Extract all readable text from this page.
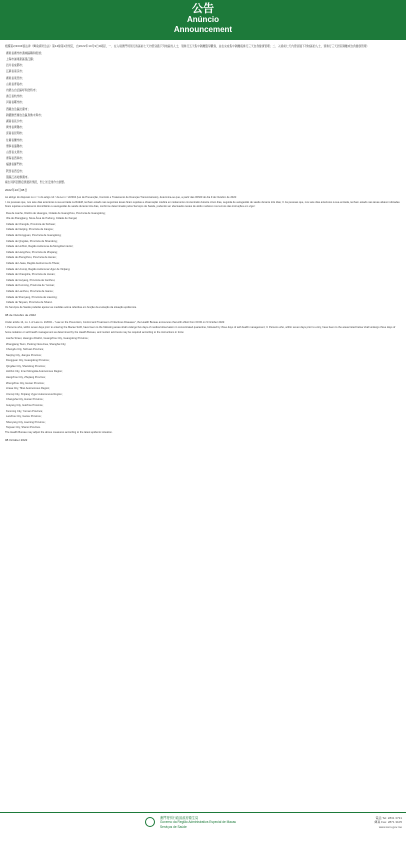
公告
Anúncio
Announcement
根據第2/2004號法律《傳染病防治法》第14條第1款規定，自2022年10月9日0時起，一、在入境澳門特別行政區前七天內曾到過下列地區的人士，須進行五天集中隔離醫學觀察，並在完成集中隔離後進行三天自我健康管理；二、入境前七天內曾到過下列地區的人士，須進行三天居家隔離或自我健康管理：
廣東省廣州市黃埔區聯和街道；
上海市浦東新區張江鎮；
四川省成都市；
江蘇省南京市；
廣東省東莞市；
山東省青島市；
內蒙古自治區呼和浩特市；
浙江省杭州市；
河南省鄭州市；
西藏自治區拉薩市；
新疆維吾爾自治區烏魯木齊市；
湖南省長沙市；
貴州省貴陽市；
雲南省昆明市；
甘肅省蘭州市；
遼寧省瀋陽市；
山西省太原市；
青海省西寧市；
福建省廈門市；
陝西省西安市；
黑龍江省哈爾濱市。
衛生局將因應疫情最新情況，對上述安排作出調整。
2022年10月08日
Ao abrigo do disposto no n.º 1 do artigo 14.º da Lei n.º 2/2004 (Lei de Prevenção, Controlo e Tratamento de Doenças Transmissíveis), determina-se que, a partir das 00h00 do dia 9 de Outubro de 2022:
I. As pessoas que, nos sete dias anteriores à sua entrada na RAEM, tenham estado nas seguintes áreas ficam sujeitas a observação médica em isolamento concentrado durante cinco dias, seguida de autogestão de saúde durante três dias; II. As pessoas que, nos sete dias anteriores à sua entrada, tenham estado nas áreas abaixo indicadas ficam sujeitas a isolamento domiciliário ou autogestão de saúde durante três dias, conforme determinado pelos Serviços de Saúde, podendo ser efectuados testes de ácido nucleico nos termos das instruções em vigor:
Rua de Lianhe, Distrito de Huangpu, Cidade de Guangzhou, Província de Guangdong;
Vila de Zhangjiang, Nova Área de Pudong, Cidade de Xangai;
Cidade de Chengdu, Província de Sichuan;
Cidade de Nanjing, Província de Jiangsu;
Cidade de Dongguan, Província de Guangdong;
Cidade de Qingdao, Província de Shandong;
Cidade de Hohhot, Região Autónoma da Mongólia Interior;
Cidade de Hangzhou, Província de Zhejiang;
Cidade de Zhengzhou, Província de Henan;
Cidade de Lhasa, Região Autónoma do Tibete;
Cidade de Urumqi, Região Autónoma Uigur de Xinjiang;
Cidade de Changsha, Província de Hunan;
Cidade de Guiyang, Província de Guizhou;
Cidade de Kunming, Província de Yunnan;
Cidade de Lanzhou, Província de Gansu;
Cidade de Shenyang, Província de Liaoning;
Cidade de Taiyuan, Província de Shanxi.
Os Serviços de Saúde poderão ajustar as medidas acima referidas em função da evolução da situação epidémica.
08 de Outubro de 2022
Under article 14, no. 1 of Law no. 2/2004 – "Law on the Prevention, Control and Treatment of Infectious Diseases", the Health Bureau announces that with effect from 00:00 on 9 October 2022:
I. Persons who, within seven days prior to entering the Macao SAR, have been to the following areas shall undergo five days of medical observation in concentrated quarantine, followed by three days of self-health management; II. Persons who, within seven days prior to entry, have been to the areas listed below shall undergo three days of home isolation or self-health management as determined by the Health Bureau, and nucleic acid tests may be required according to the instructions in force:
Lianhe Street, Huangpu District, Guangzhou City, Guangdong Province;
Zhangjiang Town, Pudong New Area, Shanghai City;
Chengdu City, Sichuan Province;
Nanjing City, Jiangsu Province;
Dongguan City, Guangdong Province;
Qingdao City, Shandong Province;
Hohhot City, Inner Mongolia Autonomous Region;
Hangzhou City, Zhejiang Province;
Zhengzhou City, Henan Province;
Lhasa City, Tibet Autonomous Region;
Urumqi City, Xinjiang Uygur Autonomous Region;
Changsha City, Hunan Province;
Guiyang City, Guizhou Province;
Kunming City, Yunnan Province;
Lanzhou City, Gansu Province;
Shenyang City, Liaoning Province;
Taiyuan City, Shanxi Province.
The Health Bureau may adjust the above measures according to the latest epidemic situation.
08 October 2022
澳門特別行政區政府衛生局
Governo da Região Administrativa Especial de Macau
Serviços de Saúde
電話 Tel: 2831 3731
傳真 Fax: 2871 3105
www.ssm.gov.mo
